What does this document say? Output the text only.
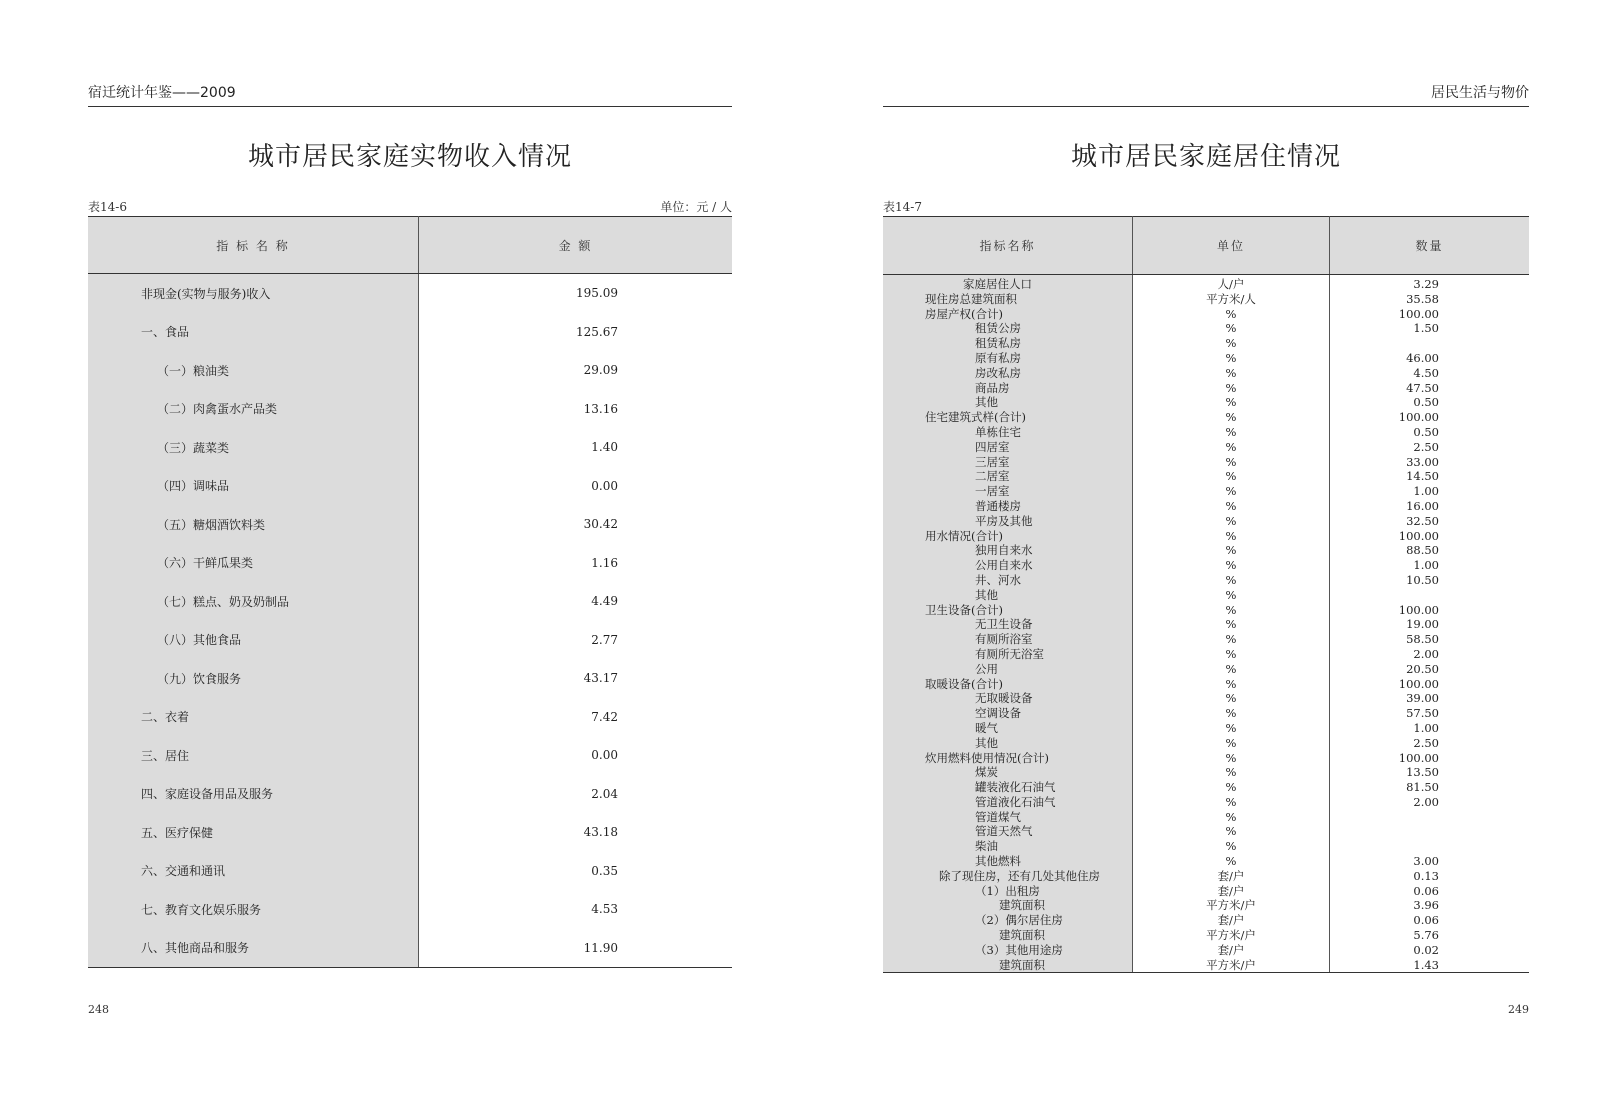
宿迁统计年鉴——2009
城市居民家庭实物收入情况
表14-6	单位：元 / 人
指 标 名 称	金 额
非现金(实物与服务)收入	195.09
一、食品	125.67
（一）粮油类	29.09
（二）肉禽蛋水产品类	13.16
（三）蔬菜类	1.40
（四）调味品	0.00
（五）糖烟酒饮料类	30.42
（六）干鲜瓜果类	1.16
（七）糕点、奶及奶制品	4.49
（八）其他食品	2.77
（九）饮食服务	43.17
二、衣着	7.42
三、居住	0.00
四、家庭设备用品及服务	2.04
五、医疗保健	43.18
六、交通和通讯	0.35
七、教育文化娱乐服务	4.53
八、其他商品和服务	11.90
248
居民生活与物价
城市居民家庭居住情况
表14-7
指标名称	单位	数量
家庭居住人口	人/户	3.29
现住房总建筑面积	平方米/人	35.58
房屋产权(合计)	%	100.00
租赁公房	%	1.50
租赁私房	%	
原有私房	%	46.00
房改私房	%	4.50
商品房	%	47.50
其他	%	0.50
住宅建筑式样(合计)	%	100.00
单栋住宅	%	0.50
四居室	%	2.50
三居室	%	33.00
二居室	%	14.50
一居室	%	1.00
普通楼房	%	16.00
平房及其他	%	32.50
用水情况(合计)	%	100.00
独用自来水	%	88.50
公用自来水	%	1.00
井、河水	%	10.50
其他	%	
卫生设备(合计)	%	100.00
无卫生设备	%	19.00
有厕所浴室	%	58.50
有厕所无浴室	%	2.00
公用	%	20.50
取暖设备(合计)	%	100.00
无取暖设备	%	39.00
空调设备	%	57.50
暖气	%	1.00
其他	%	2.50
炊用燃料使用情况(合计)	%	100.00
煤炭	%	13.50
罐装液化石油气	%	81.50
管道液化石油气	%	2.00
管道煤气	%	
管道天然气	%	
柴油	%	
其他燃料	%	3.00
除了现住房，还有几处其他住房	套/户	0.13
（1）出租房	套/户	0.06
建筑面积	平方米/户	3.96
（2）偶尔居住房	套/户	0.06
建筑面积	平方米/户	5.76
（3）其他用途房	套/户	0.02
建筑面积	平方米/户	1.43
249
